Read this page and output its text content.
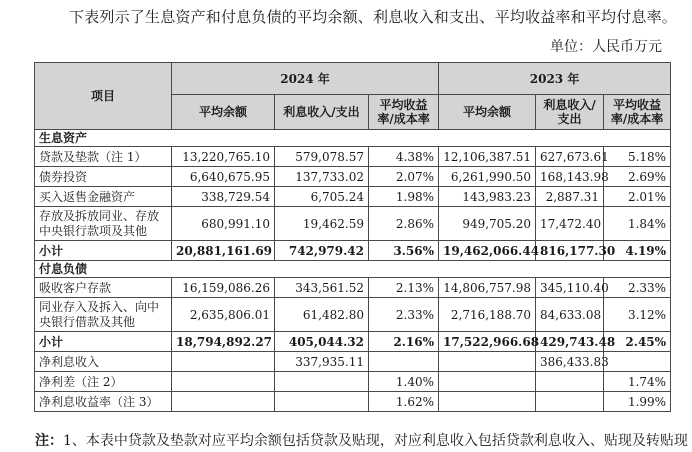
下表列示了生息资产和付息负债的平均余额、利息收入和支出、平均收益率和平均付息率。
单位：人民币万元
项目	2024 年			2023 年		
	平均余额	利息收入/支出	平均收益率/成本率	平均余额	利息收入/支出	平均收益率/成本率
生息资产						
贷款及垫款（注 1）	13,220,765.10	579,078.57	4.38%	12,106,387.51	627,673.61	5.18%
债券投资	6,640,675.95	137,733.02	2.07%	6,261,990.50	168,143.98	2.69%
买入返售金融资产	338,729.54	6,705.24	1.98%	143,983.23	2,887.31	2.01%
存放及拆放同业、存放中央银行款项及其他	680,991.10	19,462.59	2.86%	949,705.20	17,472.40	1.84%
小计	20,881,161.69	742,979.42	3.56%	19,462,066.44	816,177.30	4.19%
付息负债						
吸收客户存款	16,159,086.26	343,561.52	2.13%	14,806,757.98	345,110.40	2.33%
同业存入及拆入、向中央银行借款及其他	2,635,806.01	61,482.80	2.33%	2,716,188.70	84,633.08	3.12%
小计	18,794,892.27	405,044.32	2.16%	17,522,966.68	429,743.48	2.45%
净利息收入		337,935.11			386,433.83	
净利差（注 2）			1.40%			1.74%
净利息收益率（注 3）			1.62%			1.99%
注：1、本表中贷款及垫款对应平均余额包括贷款及贴现，对应利息收入包括贷款利息收入、贴现及转贴现
